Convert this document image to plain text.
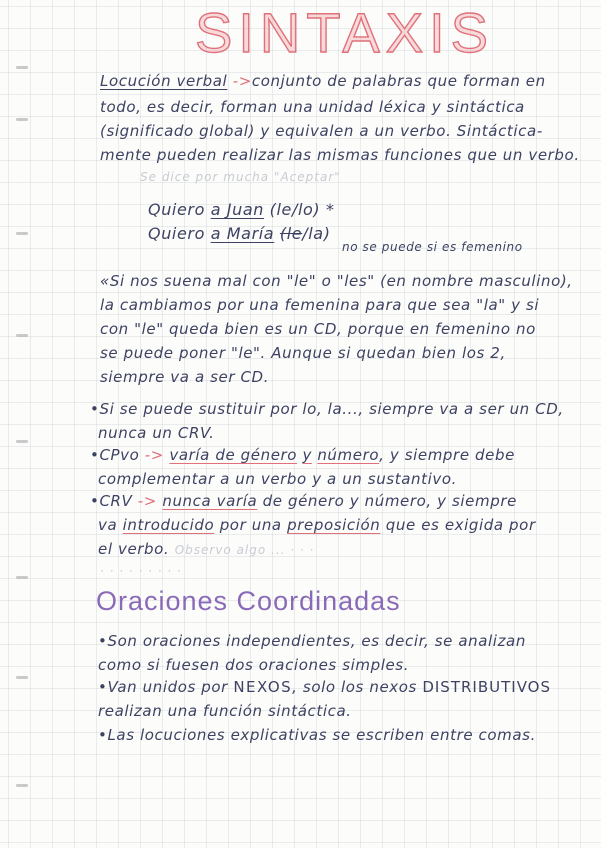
SINTAXIS
Locución verbal ->conjunto de palabras que forman en
todo, es decir, forman una unidad léxica y sintáctica
(significado global) y equivalen a un verbo. Sintáctica-
mente pueden realizar las mismas funciones que un verbo.
Se dice por mucha "Aceptar"
Quiero a Juan (le/lo) *
Quiero a María (le/la)
no se puede si es femenino
«Si nos suena mal con "le" o "les" (en nombre masculino),
la cambiamos por una femenina para que sea "la" y si
con "le" queda bien es un CD, porque en femenino no
se puede poner "le". Aunque si quedan bien los 2,
siempre va a ser CD.
•Si se puede sustituir por lo, la..., siempre va a ser un CD,
nunca un CRV.
•CPvo -> varía de género y número, y siempre debe
complementar a un verbo y a un sustantivo.
•CRV -> nunca varía de género y número, y siempre
va introducido por una preposición que es exigida por
el verbo. Observo algo ... · · ·
· · · · · · · · ·
Oraciones Coordinadas
•Son oraciones independientes, es decir, se analizan
como si fuesen dos oraciones simples.
•Van unidos por NEXOS, solo los nexos DISTRIBUTIVOS
realizan una función sintáctica.
•Las locuciones explicativas se escriben entre comas.
